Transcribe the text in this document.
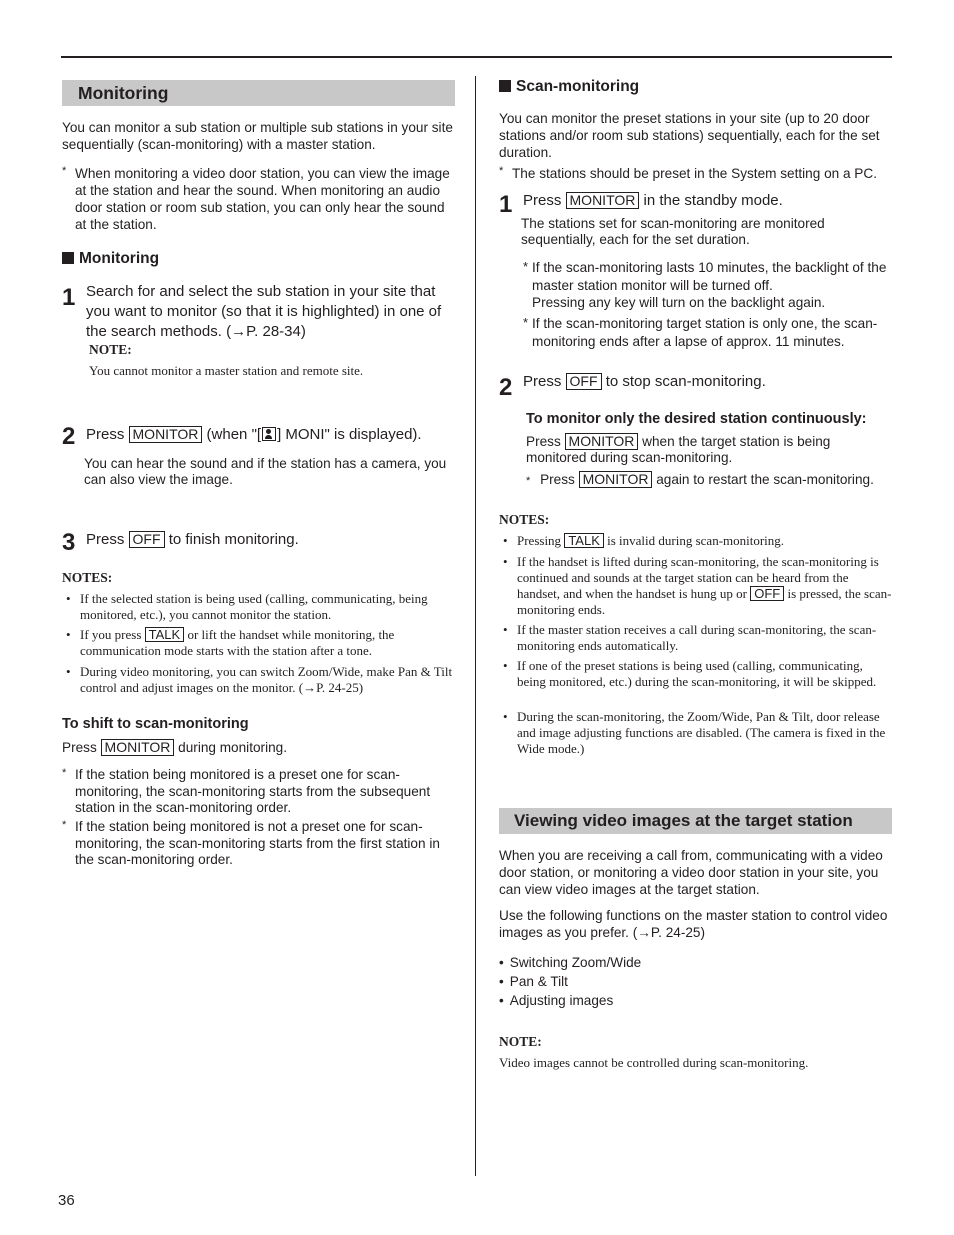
Monitoring

You can monitor a sub station or multiple sub stations in your site sequentially (scan-monitoring) with a master station.

* When monitoring a video door station, you can view the image at the station and hear the sound. When monitoring an audio door station or room sub station, you can only hear the sound at the station.

Monitoring
1 Search for and select the sub station in your site that you want to monitor (so that it is highlighted) in one of the search methods. (→P. 28-34)
NOTE:
You cannot monitor a master station and remote site.
2 Press MONITOR (when "[ ] MONI" is displayed).

You can hear the sound and if the station has a camera, you can also view the image.

3 Press OFF to finish monitoring.
NOTES:
• If the selected station is being used (calling, communicating, being monitored, etc.), you cannot monitor the station.
• If you press TALK or lift the handset while monitoring, the communication mode starts with the station after a tone.
• During video monitoring, you can switch Zoom/Wide, make Pan & Tilt control and adjust images on the monitor. (→P. 24-25)
To shift to scan-monitoring
Press MONITOR during monitoring.
* If the station being monitored is a preset one for scan-monitoring, the scan-monitoring starts from the subsequent station in the scan-monitoring order.

* If the station being monitored is not a preset one for scan-monitoring, the scan-monitoring starts from the first station in the scan-monitoring order.

36
Scan-monitoring

You can monitor the preset stations in your site (up to 20 door stations and/or room sub stations) sequentially, each for the set duration.

* The stations should be preset in the System setting on a PC.

1 Press MONITOR in the standby mode.

The stations set for scan-monitoring are monitored sequentially, each for the set duration.

* If the scan-monitoring lasts 10 minutes, the backlight of the master station monitor will be turned off.

Pressing any key will turn on the backlight again.

* If the scan-monitoring target station is only one, the scan-monitoring ends after a lapse of approx. 11 minutes.

2 Press OFF to stop scan-monitoring.
To monitor only the desired station continuously:
Press MONITOR when the target station is being monitored during scan-monitoring.
* Press MONITOR again to restart the scan-monitoring.
NOTES:
• Pressing TALK is invalid during scan-monitoring.
• If the handset is lifted during scan-monitoring, the scan-monitoring is continued and sounds at the target station can be heard from the handset, and when the handset is hung up or OFF is pressed, the scan-monitoring ends.
• If the master station receives a call during scan-monitoring, the scan-monitoring ends automatically.
• If one of the preset stations is being used (calling, communicating, being monitored, etc.) during the scan-monitoring, it will be skipped.
• During the scan-monitoring, the Zoom/Wide, Pan & Tilt, door release and image adjusting functions are disabled. (The camera is fixed in the Wide mode.)
Viewing video images at the target station

When you are receiving a call from, communicating with a video door station, or monitoring a video door station in your site, you can view video images at the target station.

Use the following functions on the master station to control video images as you prefer. (→P. 24-25)

• Switching Zoom/Wide
• Pan & Tilt
• Adjusting images
NOTE:
Video images cannot be controlled during scan-monitoring.
